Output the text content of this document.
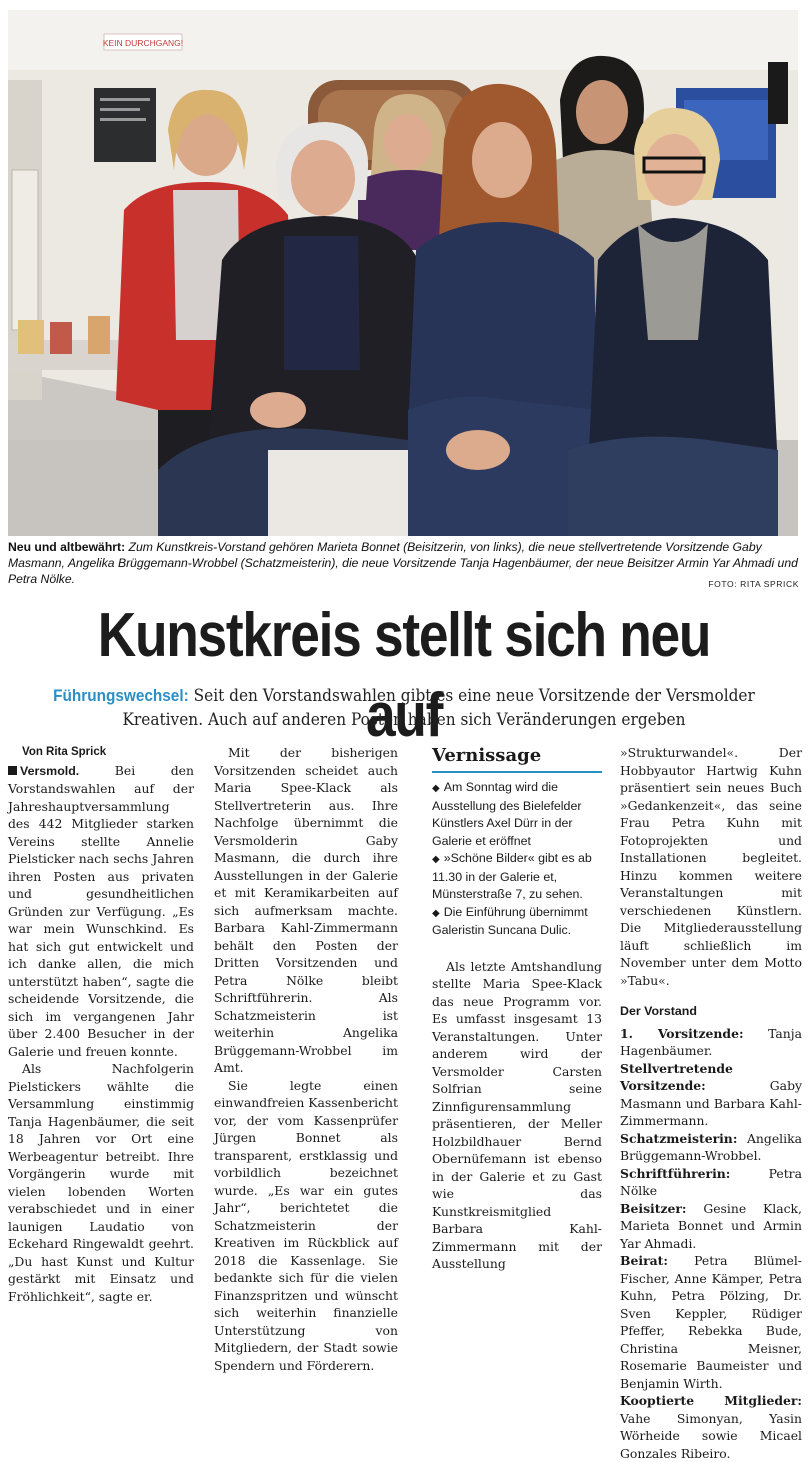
KEIN DURCHGANG!
Neu und altbewährt: Zum Kunstkreis-Vorstand gehören Marieta Bonnet (Beisitzerin, von links), die neue stellvertretende Vorsitzende Gaby Masmann, Angelika Brüggemann-Wrobbel (Schatzmeisterin), die neue Vorsitzende Tanja Hagenbäumer, der neue Beisitzer Armin Yar Ahmadi und Petra Nölke.	FOTO: RITA SPRICK
Kunstkreis stellt sich neu auf
Führungswechsel: Seit den Vorstandswahlen gibt es eine neue Vorsitzende der Versmolder Kreativen. Auch auf anderen Posten haben sich Veränderungen ergeben

Von Rita Sprick

Versmold. Bei den Vorstandswahlen auf der Jahreshauptversammlung des 442 Mitglieder starken Vereins stellte Annelie Pielsticker nach sechs Jahren ihren Posten aus privaten und gesundheitlichen Gründen zur Verfügung. „Es war mein Wunschkind. Es hat sich gut entwickelt und ich danke allen, die mich unterstützt haben“, sagte die scheidende Vorsitzende, die sich im vergangenen Jahr über 2.400 Besucher in der Galerie und freuen konnte.

Als Nachfolgerin Pielstickers wählte die Versammlung einstimmig Tanja Hagenbäumer, die seit 18 Jahren vor Ort eine Werbeagentur betreibt. Ihre Vorgängerin wurde mit vielen lobenden Worten verabschiedet und in einer launigen Laudatio von Eckehard Ringewaldt geehrt. „Du hast Kunst und Kultur gestärkt mit Einsatz und Fröhlichkeit“, sagte er.

Mit der bisherigen Vorsitzenden scheidet auch Maria Spee-Klack als Stellvertreterin aus. Ihre Nachfolge übernimmt die Versmolderin Gaby Masmann, die durch ihre Ausstellungen in der Galerie et mit Keramikarbeiten auf sich aufmerksam machte. Barbara Kahl-Zimmermann behält den Posten der Dritten Vorsitzenden und Petra Nölke bleibt Schriftführerin. Als Schatzmeisterin ist weiterhin Angelika Brüggemann-Wrobbel im Amt.

Sie legte einen einwandfreien Kassenbericht vor, der vom Kassenprüfer Jürgen Bonnet als transparent, erstklassig und vorbildlich bezeichnet wurde. „Es war ein gutes Jahr“, berichtetet die Schatzmeisterin der Kreativen im Rückblick auf 2018 die Kassenlage. Sie bedankte sich für die vielen Finanzspritzen und wünscht sich weiterhin finanzielle Unterstützung von Mitgliedern, der Stadt sowie Spendern und Förderern.

Vernissage

◆ Am Sonntag wird die Ausstellung des Bielefelder Künstlers Axel Dürr in der Galerie et eröffnet

◆ »Schöne Bilder« gibt es ab 11.30 in der Galerie et, Münsterstraße 7, zu sehen.

◆ Die Einführung übernimmt Galeristin Suncana Dulic.

Als letzte Amtshandlung stellte Maria Spee-Klack das neue Programm vor. Es umfasst insgesamt 13 Veranstaltungen. Unter anderem wird der Versmolder Carsten Solfrian seine Zinnfigurensammlung präsentieren, der Meller Holzbildhauer Bernd Obernüfemann ist ebenso in der Galerie et zu Gast wie das Kunstkreismitglied Barbara Kahl-Zimmermann mit der Ausstellung

»Strukturwandel«. Der Hobbyautor Hartwig Kuhn präsentiert sein neues Buch »Gedankenzeit«, das seine Frau Petra Kuhn mit Fotoprojekten und Installationen begleitet. Hinzu kommen weitere Veranstaltungen mit verschiedenen Künstlern. Die Mitgliederausstellung läuft schließlich im November unter dem Motto »Tabu«.

Der Vorstand

1. Vorsitzende: Tanja Hagenbäumer.

Stellvertretende Vorsitzende: Gaby Masmann und Barbara Kahl-Zimmermann.

Schatzmeisterin: Angelika Brüggemann-Wrobbel.

Schriftführerin: Petra Nölke

Beisitzer: Gesine Klack, Marieta Bonnet und Armin Yar Ahmadi.

Beirat: Petra Blümel-Fischer, Anne Kämper, Petra Kuhn, Petra Pölzing, Dr. Sven Keppler, Rüdiger Pfeffer, Rebekka Bude, Christina Meisner, Rosemarie Baumeister und Benjamin Wirth.

Kooptierte Mitglieder: Vahe Simonyan, Yasin Wörheide sowie Micael Gonzales Ribeiro.
